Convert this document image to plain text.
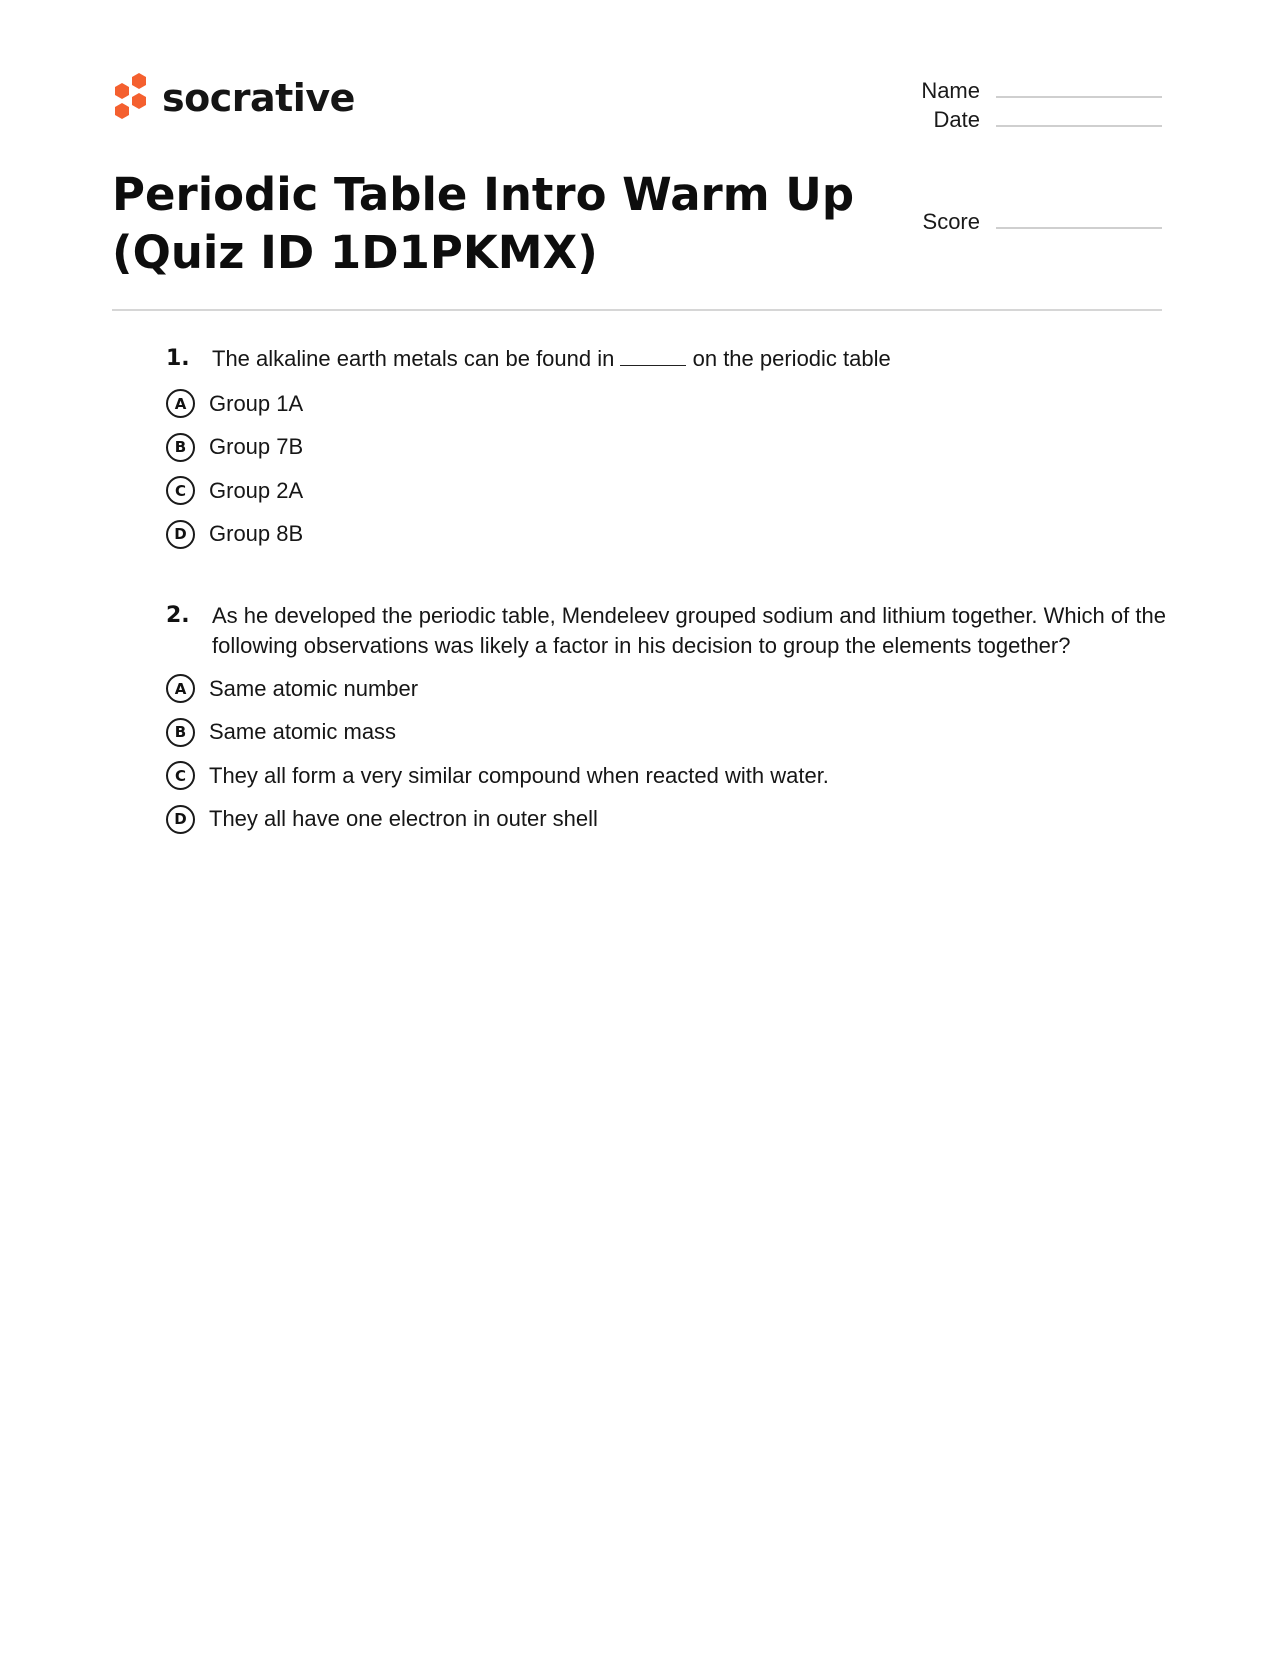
socrative	Name
Date
Score
Periodic Table Intro Warm Up
(Quiz ID 1D1PKMX)
1.	The alkaline earth metals can be found in	on the periodic table
A	Group 1A
B	Group 7B
C	Group 2A
D	Group 8B
2.	As he developed the periodic table, Mendeleev grouped sodium and lithium together. Which of the following observations was likely a factor in his decision to group the elements together?
A	Same atomic number
B	Same atomic mass
C	They all form a very similar compound when reacted with water.
D	They all have one electron in outer shell
